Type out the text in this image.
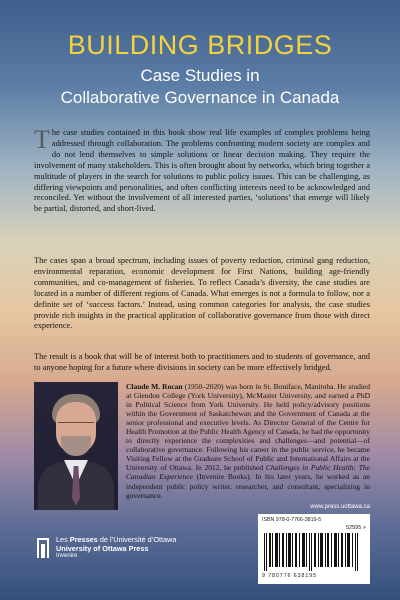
BUILDING BRIDGES
Case Studies in
Collaborative Governance in Canada

The case studies contained in this book show real life examples of complex problems being addressed through collaboration. The problems confronting modern society are complex and do not lend themselves to simple solutions or linear decision making. They require the involvement of many stakeholders. This is often brought about by networks, which bring together a multitude of players in the search for solutions to public policy issues. This can be challenging, as differing viewpoints and personalities, and often conflicting interests need to be acknowledged and reconciled. Yet without the involvement of all interested parties, ‘solutions’ that emerge will likely be partial, distorted, and short-lived.

The cases span a broad spectrum, including issues of poverty reduction, criminal gang reduction, environmental reparation, economic development for First Nations, building age-friendly communities, and co-management of fisheries. To reflect Canada’s diversity, the case studies are located in a number of different regions of Canada. What emerges is not a formula to follow, nor a definite set of ‘success factors.’ Instead, using common categories for analysis, the case studies provide rich insights in the practical application of collaborative governance from those with direct experience.

The result is a book that will be of interest both to practitioners and to students of governance, and to anyone hoping for a future where divisions in society can be more effectively bridged.

Claude M. Rocan (1950–2020) was born in St. Boniface, Manitoba. He studied at Glendon College (York University), McMaster University, and earned a PhD in Political Science from York University. He held policy/advisory positions within the Government of Saskatchewan and the Government of Canada at the senior professional and executive levels. As Director General of the Centre for Health Promotion at the Public Health Agency of Canada, he had the opportunity to directly experience the complexities and challenges—and potential—of collaborative governance. Following his career in the public service, he became Visiting Fellow at the Graduate School of Public and International Affairs at the University of Ottawa. In 2012, he published Challenges in Public Health: The Canadian Experience (Invenire Books). In his later years, he worked as an independent public policy writer, researcher, and consultant, specializing in governance.

Les Presses de l’Université d’Ottawa
University of Ottawa Press
Invenire
www.press.uottawa.ca
ISBN 978-0-7766-3819-5
52595 >
9 780776 638195
